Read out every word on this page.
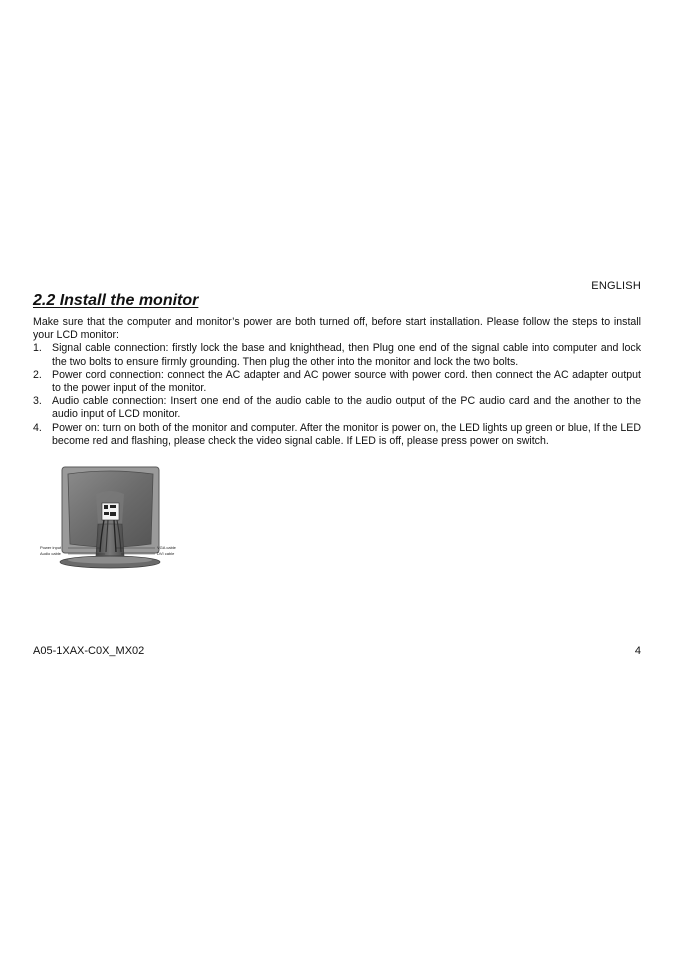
ENGLISH
2.2 Install the monitor

Make sure that the computer and monitor’s power are both turned off, before start installation. Please follow the steps to install your LCD monitor:

1. Signal cable connection: firstly lock the base and knighthead, then Plug one end of the signal cable into computer and lock the two bolts to ensure firmly grounding. Then plug the other into the monitor and lock the two bolts.
2. Power cord connection: connect the AC adapter and AC power source with power cord. then connect the AC adapter output to the power input of the monitor.
3. Audio cable connection: Insert one end of the audio cable to the audio output of the PC audio card and the another to the audio input of LCD monitor.
4. Power on: turn on both of the monitor and computer. After the monitor is power on, the LED lights up green or blue, If the LED become red and flashing, please check the video signal cable. If LED is off, please press power on switch.
Power input
Audio cable
VGA cable
DVI cable
A05-1XAX-C0X_MX02	4
